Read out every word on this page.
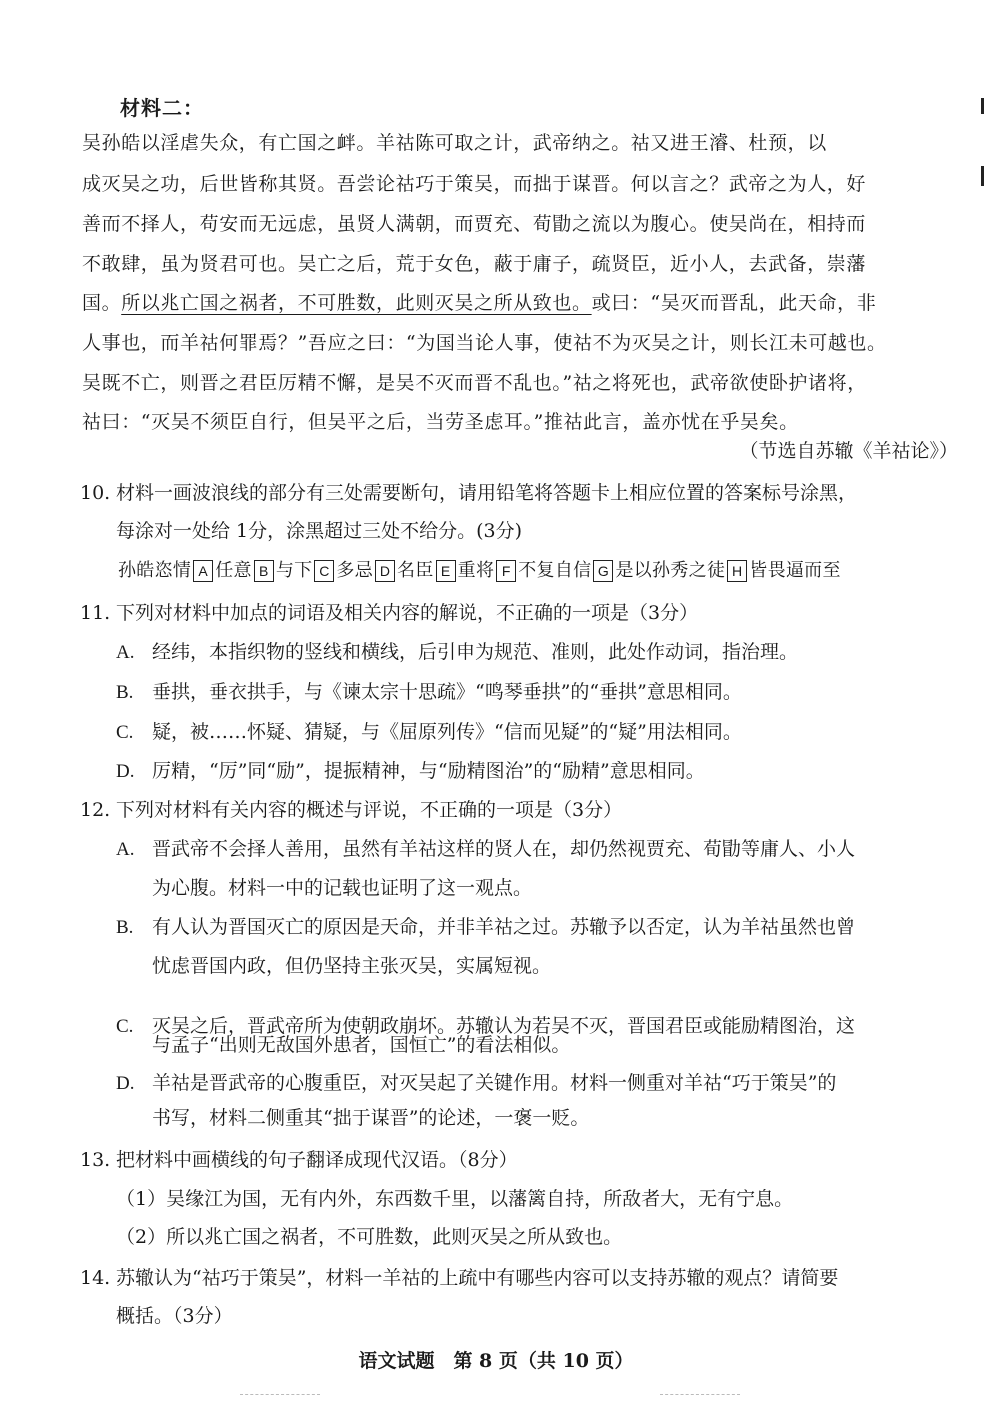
材料二：
吴孙皓以淫虐失众，有亡国之衅。羊祜陈可取之计，武帝纳之。祜又进王濬、杜预，以
成灭吴之功，后世皆称其贤。吾尝论祜巧于策吴，而拙于谋晋。何以言之？武帝之为人，好
善而不择人，苟安而无远虑，虽贤人满朝，而贾充、荀勖之流以为腹心。使吴尚在，相持而
不敢肆，虽为贤君可也。吴亡之后，荒于女色，蔽于庸子，疏贤臣，近小人，去武备，崇藩
国。所以兆亡国之祸者，不可胜数，此则灭吴之所从致也。或曰：“吴灭而晋乱，此天命，非
人事也，而羊祜何罪焉？”吾应之曰：“为国当论人事，使祜不为灭吴之计，则长江未可越也。
吴既不亡，则晋之君臣厉精不懈，是吴不灭而晋不乱也。”祜之将死也，武帝欲使卧护诸将，
祜曰：“灭吴不须臣自行，但吴平之后，当劳圣虑耳。”推祜此言，盖亦忧在乎吴矣。
（节选自苏辙《羊祜论》）
10. 材料一画波浪线的部分有三处需要断句，请用铅笔将答题卡上相应位置的答案标号涂黑，
每涂对一处给 1分，涂黑超过三处不给分。(3分)
孙皓恣情 A 任意 B 与下 C 多忌 D 名臣 E 重将 F 不复自信 G 是以孙秀之徒 H 皆畏逼而至
11. 下列对材料中加点的词语及相关内容的解说，不正确的一项是（3分）
A. 经纬，本指织物的竖线和横线，后引申为规范、准则，此处作动词，指治理。
B. 垂拱，垂衣拱手，与《谏太宗十思疏》“鸣琴垂拱”的“垂拱”意思相同。
C. 疑，被……怀疑、猜疑，与《屈原列传》“信而见疑”的“疑”用法相同。
D. 厉精，“厉”同“励”，提振精神，与“励精图治”的“励精”意思相同。
12. 下列对材料有关内容的概述与评说，不正确的一项是（3分）
A. 晋武帝不会择人善用，虽然有羊祜这样的贤人在，却仍然视贾充、荀勖等庸人、小人
为心腹。材料一中的记载也证明了这一观点。
B. 有人认为晋国灭亡的原因是天命，并非羊祜之过。苏辙予以否定，认为羊祜虽然也曾
忧虑晋国内政，但仍坚持主张灭吴，实属短视。
C. 灭吴之后，晋武帝所为使朝政崩坏。苏辙认为若吴不灭，晋国君臣或能励精图治，这
与孟子“出则无敌国外患者，国恒亡”的看法相似。
D. 羊祜是晋武帝的心腹重臣，对灭吴起了关键作用。材料一侧重对羊祜“巧于策吴”的
书写，材料二侧重其“拙于谋晋”的论述，一褒一贬。
13. 把材料中画横线的句子翻译成现代汉语。（8分）
（1）吴缘江为国，无有内外，东西数千里，以藩篱自持，所敌者大，无有宁息。
（2）所以兆亡国之祸者，不可胜数，此则灭吴之所从致也。
14. 苏辙认为“祜巧于策吴”，材料一羊祜的上疏中有哪些内容可以支持苏辙的观点？请简要
概括。（3分）
语文试题　第 8 页（共 10 页）
